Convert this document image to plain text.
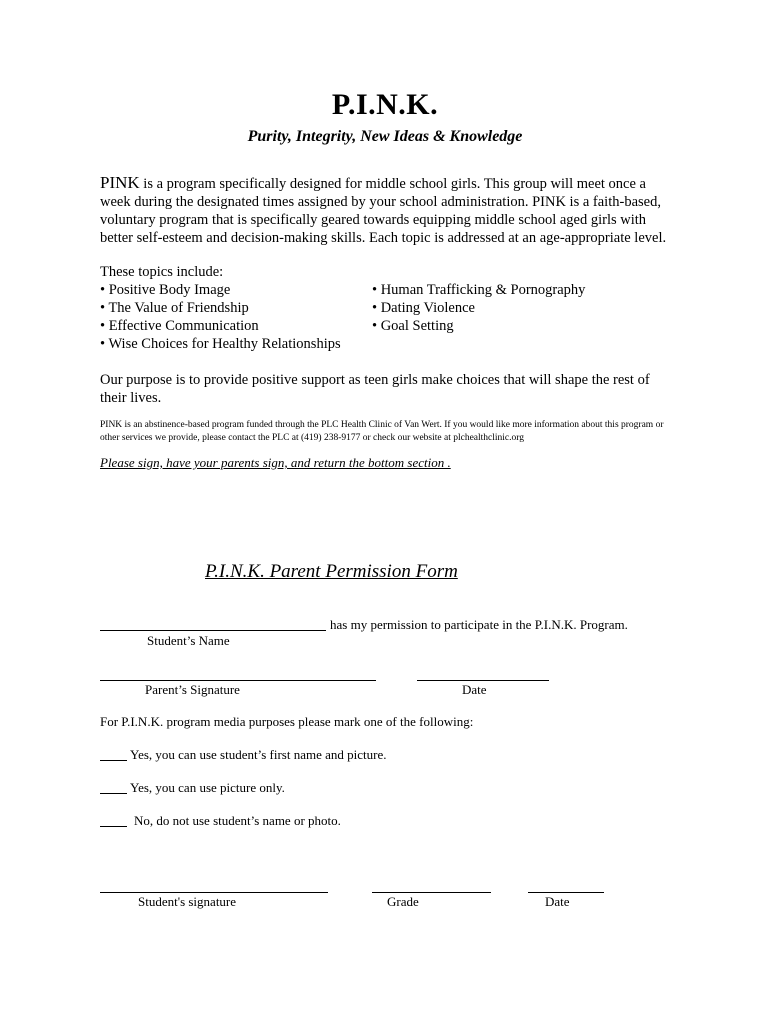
P.I.N.K.
Purity, Integrity, New Ideas & Knowledge
PINK is a program specifically designed for middle school girls. This group will meet once a week during the designated times assigned by your school administration. PINK is a faith-based, voluntary program that is specifically geared towards equipping middle school aged girls with better self-esteem and decision-making skills. Each topic is addressed at an age-appropriate level.
These topics include:
• Positive Body Image
• The Value of Friendship
• Effective Communication
• Wise Choices for Healthy Relationships
• Human Trafficking & Pornography
• Dating Violence
• Goal Setting
Our purpose is to provide positive support as teen girls make choices that will shape the rest of their lives.
PINK is an abstinence-based program funded through the PLC Health Clinic of Van Wert. If you would like more information about this program or other services we provide, please contact the PLC at (419) 238-9177 or check our website at plchealthclinic.org
Please sign, have your parents sign, and return the bottom section .
P.I.N.K. Parent Permission Form
has my permission to participate in the P.I.N.K. Program.
Student’s Name
Parent’s Signature	Date
For P.I.N.K. program media purposes please mark one of the following:
Yes, you can use student’s first name and picture.
Yes, you can use picture only.
No, do not use student’s name or photo.
Student's signature	Grade	Date
